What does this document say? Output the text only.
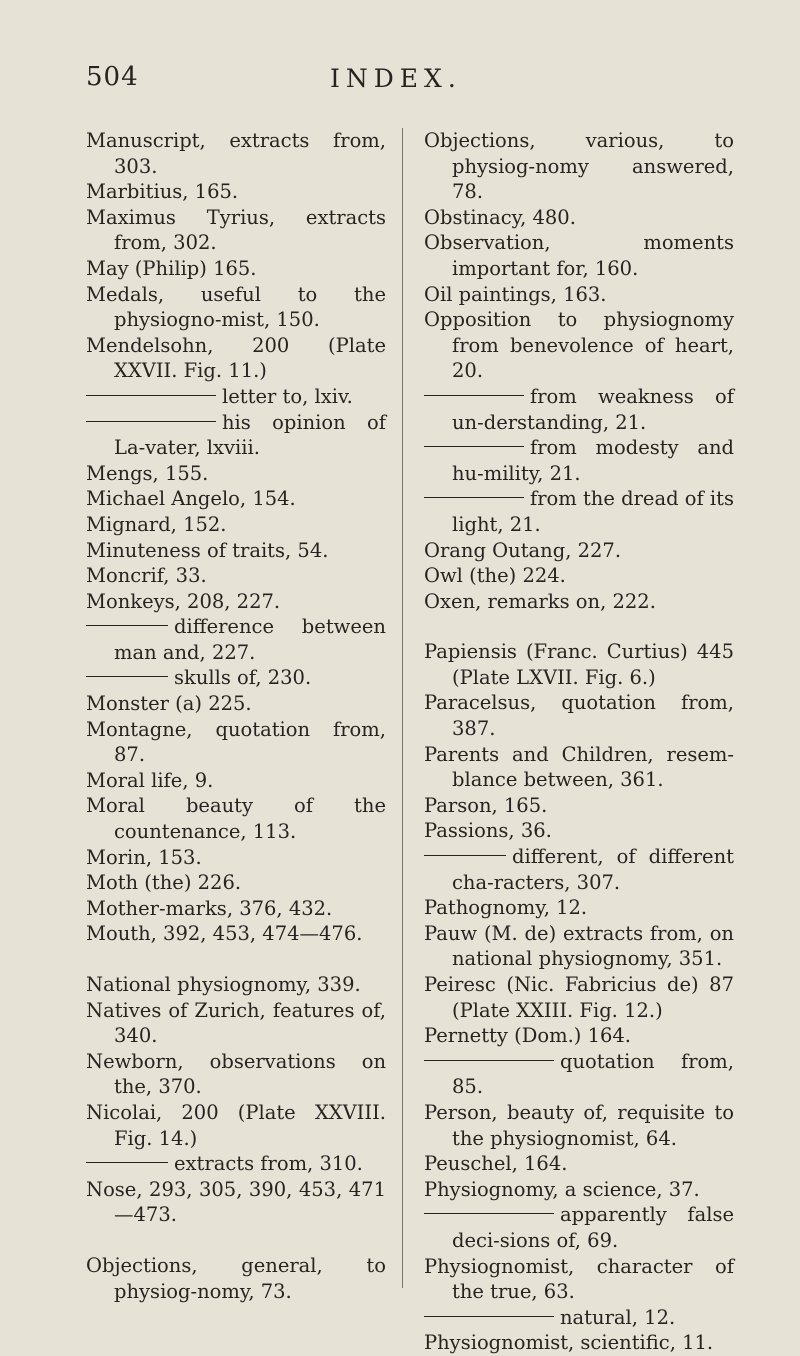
504	INDEX.

Manuscript, extracts from, 303.

Marbitius, 165.

Maximus Tyrius, extracts from, 302.

May (Philip) 165.

Medals, useful to the physiogno-mist, 150.

Mendelsohn, 200 (Plate XXVII. Fig. 11.)

letter to, lxiv.

his opinion of La-vater, lxviii.

Mengs, 155.

Michael Angelo, 154.

Mignard, 152.

Minuteness of traits, 54.

Moncrif, 33.

Monkeys, 208, 227.

difference between man and, 227.

skulls of, 230.

Monster (a) 225.

Montagne, quotation from, 87.

Moral life, 9.

Moral beauty of the countenance, 113.

Morin, 153.

Moth (the) 226.

Mother-marks, 376, 432.

Mouth, 392, 453, 474—476.

National physiognomy, 339.

Natives of Zurich, features of, 340.

Newborn, observations on the, 370.

Nicolai, 200 (Plate XXVIII. Fig. 14.)

extracts from, 310.

Nose, 293, 305, 390, 453, 471—473.

Objections, general, to physiog-nomy, 73.

Objections, various, to physiog-nomy answered, 78.

Obstinacy, 480.

Observation, moments important for, 160.

Oil paintings, 163.

Opposition to physiognomy from benevolence of heart, 20.

from weakness of un-derstanding, 21.

from modesty and hu-mility, 21.

from the dread of its light, 21.

Orang Outang, 227.

Owl (the) 224.

Oxen, remarks on, 222.

Papiensis (Franc. Curtius) 445 (Plate LXVII. Fig. 6.)

Paracelsus, quotation from, 387.

Parents and Children, resem-blance between, 361.

Parson, 165.

Passions, 36.

different, of different cha-racters, 307.

Pathognomy, 12.

Pauw (M. de) extracts from, on national physiognomy, 351.

Peiresc (Nic. Fabricius de) 87 (Plate XXIII. Fig. 12.)

Pernetty (Dom.) 164.

quotation from, 85.

Person, beauty of, requisite to the physiognomist, 64.

Peuschel, 164.

Physiognomy, a science, 37.

apparently false deci-sions of, 69.

Physiognomist, character of the true, 63.

natural, 12.

Physiognomist, scientific, 11.
